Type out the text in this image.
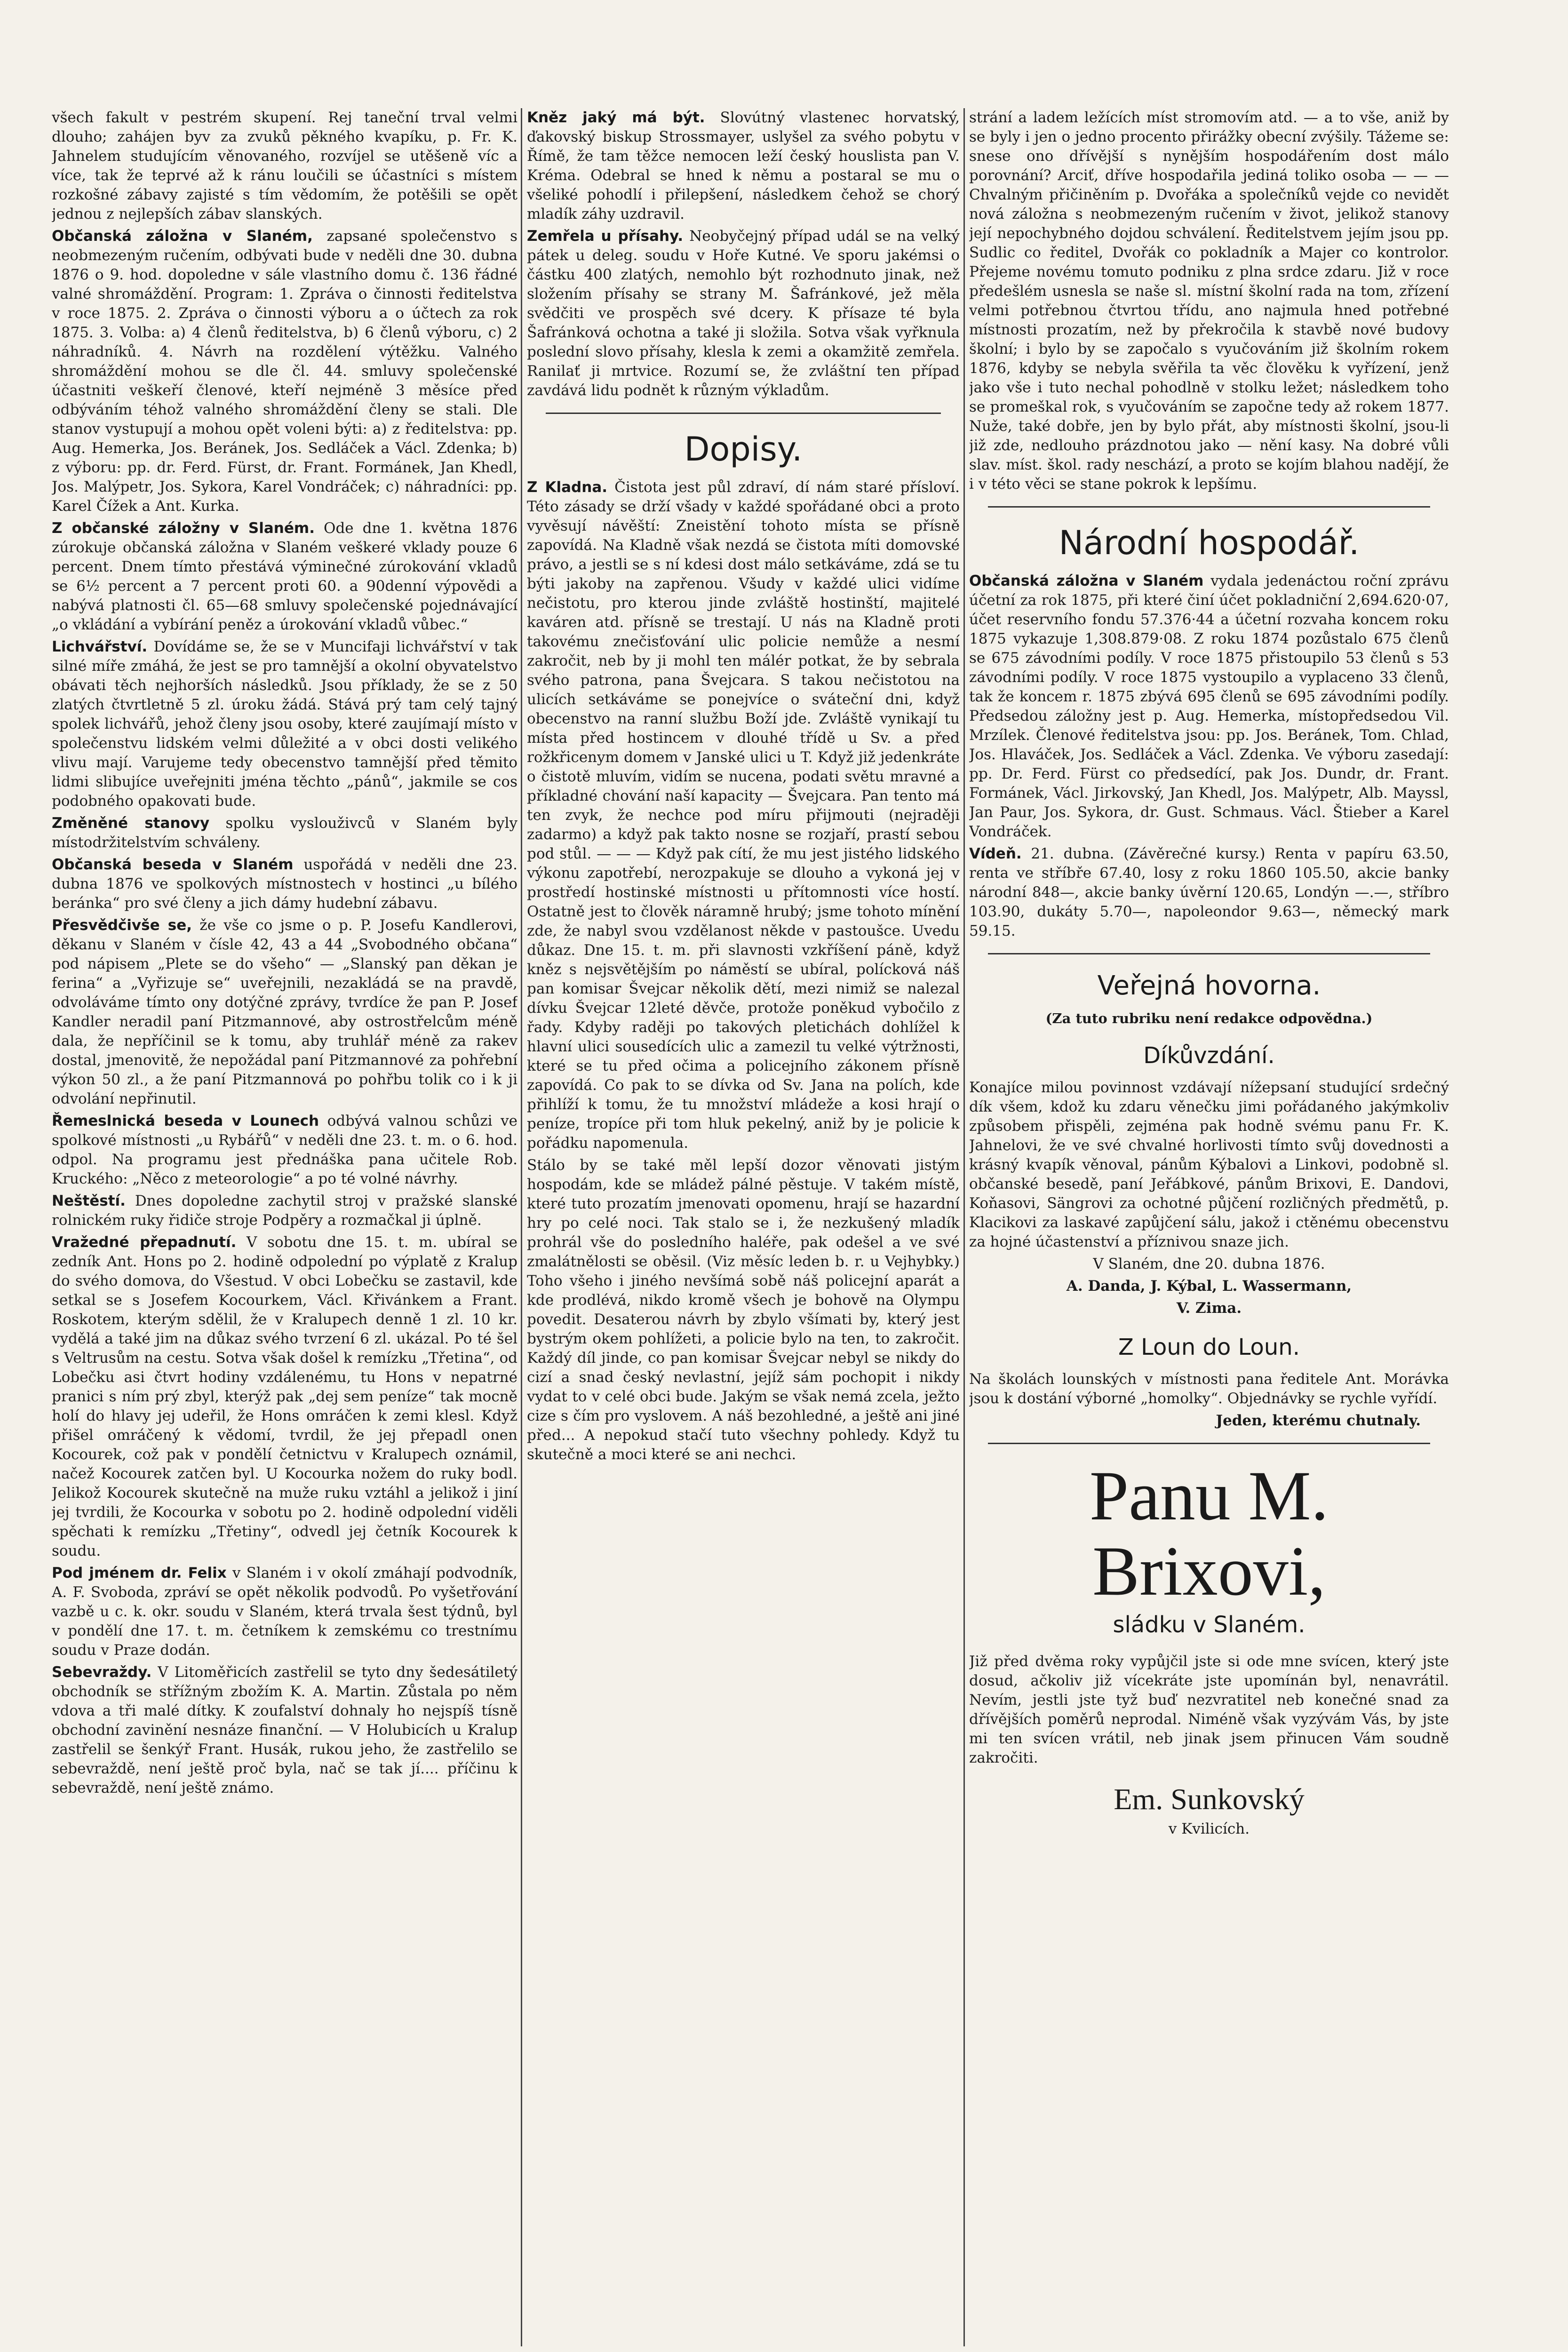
všech fakult v pestrém skupení. Rej taneční trval velmi dlouho; zahájen byv za zvuků pěkného kvapíku, p. Fr. K. Jahnelem studujícím věnovaného, rozvíjel se utěšeně víc a více, tak že teprvé až k ránu loučili se účastníci s místem rozkošné zábavy zajisté s tím vědomím, že potěšili se opět jednou z nejlepších zábav slanských.

Občanská záložna v Slaném, zapsané společenstvo s neobmezeným ručením, odbývati bude v neděli dne 30. dubna 1876 o 9. hod. dopoledne v sále vlastního domu č. 136 řádné valné shromáždění. Program: 1. Zpráva o činnosti ředitelstva v roce 1875. 2. Zpráva o činnosti výboru a o účtech za rok 1875. 3. Volba: a) 4 členů ředitelstva, b) 6 členů výboru, c) 2 náhradníků. 4. Návrh na rozdělení výtěžku. Valného shromáždění mohou se dle čl. 44. smluvy společenské účastniti veškeří členové, kteří nejméně 3 měsíce před odbýváním téhož valného shromáždění členy se stali. Dle stanov vystupují a mohou opět voleni býti: a) z ředitelstva: pp. Aug. Hemerka, Jos. Beránek, Jos. Sedláček a Václ. Zdenka; b) z výboru: pp. dr. Ferd. Fürst, dr. Frant. Formánek, Jan Khedl, Jos. Malýpetr, Jos. Sykora, Karel Vondráček; c) náhradníci: pp. Karel Čížek a Ant. Kurka.

Z občanské záložny v Slaném. Ode dne 1. května 1876 zúrokuje občanská záložna v Slaném veškeré vklady pouze 6 percent. Dnem tímto přestává výminečné zúrokování vkladů se 6½ percent a 7 percent proti 60. a 90denní výpovědi a nabývá platnosti čl. 65—68 smluvy společenské pojednávající „o vkládání a vybírání peněz a úrokování vkladů vůbec.“

Lichvářství. Dovídáme se, že se v Muncifaji lichvářství v tak silné míře zmáhá, že jest se pro tamnější a okolní obyvatelstvo obávati těch nejhorších následků. Jsou příklady, že se z 50 zlatých čtvrtletně 5 zl. úroku žádá. Stává prý tam celý tajný spolek lichvářů, jehož členy jsou osoby, které zaujímají místo v společenstvu lidském velmi důležité a v obci dosti velikého vlivu mají. Varujeme tedy obecenstvo tamnější před těmito lidmi slibujíce uveřejniti jména těchto „pánů“, jakmile se cos podobného opakovati bude.

Změněné stanovy spolku vyslouživců v Slaném byly místodržitelstvím schváleny.

Občanská beseda v Slaném uspořádá v neděli dne 23. dubna 1876 ve spolkových místnostech v hostinci „u bílého beránka“ pro své členy a jich dámy hudební zábavu.

Přesvědčivše se, že vše co jsme o p. P. Josefu Kandlerovi, děkanu v Slaném v čísle 42, 43 a 44 „Svobodného občana“ pod nápisem „Plete se do všeho“ — „Slanský pan děkan je ferina“ a „Vyřizuje se“ uveřejnili, nezakládá se na pravdě, odvoláváme tímto ony dotýčné zprávy, tvrdíce že pan P. Josef Kandler neradil paní Pitzmannové, aby ostrostřelcům méně dala, že nepříčinil se k tomu, aby truhlář méně za rakev dostal, jmenovitě, že nepožádal paní Pitzmannové za pohřební výkon 50 zl., a že paní Pitzmannová po pohřbu tolik co i k ji odvolání nepřinutil.

Řemeslnická beseda v Lounech odbývá valnou schůzi ve spolkové místnosti „u Rybářů“ v neděli dne 23. t. m. o 6. hod. odpol. Na programu jest přednáška pana učitele Rob. Kruckého: „Něco z meteorologie“ a po té volné návrhy.

Neštěstí. Dnes dopoledne zachytil stroj v pražské slanské rolnickém ruky řidiče stroje Podpěry a rozmačkal ji úplně.

Vražedné přepadnutí. V sobotu dne 15. t. m. ubíral se zedník Ant. Hons po 2. hodině odpolední po výplatě z Kralup do svého domova, do Všestud. V obci Lobečku se zastavil, kde setkal se s Josefem Kocourkem, Václ. Křivánkem a Frant. Roskotem, kterým sdělil, že v Kralupech denně 1 zl. 10 kr. vydělá a také jim na důkaz svého tvrzení 6 zl. ukázal. Po té šel s Veltrusům na cestu. Sotva však došel k remízku „Třetina“, od Lobečku asi čtvrt hodiny vzdálenému, tu Hons v nepatrné pranici s ním prý zbyl, kterýž pak „dej sem peníze“ tak mocně holí do hlavy jej udeřil, že Hons omráčen k zemi klesl. Když přišel omráčený k vědomí, tvrdil, že jej přepadl onen Kocourek, což pak v pondělí četnictvu v Kralupech oznámil, načež Kocourek zatčen byl. U Kocourka nožem do ruky bodl. Jelikož Kocourek skutečně na muže ruku vztáhl a jelikož i jiní jej tvrdili, že Kocourka v sobotu po 2. hodině odpolední viděli spěchati k remízku „Třetiny“, odvedl jej četník Kocourek k soudu.

Pod jménem dr. Felix v Slaném i v okolí zmáhají podvodník, A. F. Svoboda, zpráví se opět několik podvodů. Po vyšetřování vazbě u c. k. okr. soudu v Slaném, která trvala šest týdnů, byl v pondělí dne 17. t. m. četníkem k zemskému co trestnímu soudu v Praze dodán.

Sebevraždy. V Litoměřicích zastřelil se tyto dny šedesátiletý obchodník se střížným zbožím K. A. Martin. Zůstala po něm vdova a tři malé dítky. K zoufalství dohnaly ho nejspíš tísně obchodní zavinění nesnáze finanční. — V Holubicích u Kralup zastřelil se šenkýř Frant. Husák, rukou jeho, že zastřelilo se sebevraždě, není ještě proč byla, nač se tak jí.... příčinu k sebevraždě, není ještě známo.

Kněz jaký má být. Slovútný vlastenec horvatský, ďakovský biskup Strossmayer, uslyšel za svého pobytu v Římě, že tam těžce nemocen leží český houslista pan V. Kréma. Odebral se hned k němu a postaral se mu o všeliké pohodlí i přilepšení, následkem čehož se chorý mladík záhy uzdravil.

Zemřela u přísahy. Neobyčejný případ udál se na velký pátek u deleg. soudu v Hoře Kutné. Ve sporu jakémsi o částku 400 zlatých, nemohlo být rozhodnuto jinak, než složením přísahy se strany M. Šafránkové, jež měla svědčiti ve prospěch své dcery. K přísaze té byla Šafránková ochotna a také ji složila. Sotva však vyřknula poslední slovo přísahy, klesla k zemi a okamžitě zemřela. Ranilať ji mrtvice. Rozumí se, že zvláštní ten případ zavdává lidu podnět k různým výkladům.

Dopisy.

Z Kladna. Čistota jest půl zdraví, dí nám staré přísloví. Této zásady se drží všady v každé spořádané obci a proto vyvěsují návěští: Zneistění tohoto místa se přísně zapovídá. Na Kladně však nezdá se čistota míti domovské právo, a jestli se s ní kdesi dost málo setkáváme, zdá se tu býti jakoby na zapřenou. Všudy v každé ulici vidíme nečistotu, pro kterou jinde zvláště hostinští, majitelé kaváren atd. přísně se trestají. U nás na Kladně proti takovému znečisťování ulic policie nemůže a nesmí zakročit, neb by ji mohl ten málér potkat, že by sebrala svého patrona, pana Švejcara. S takou nečistotou na ulicích setkáváme se ponejvíce o sváteční dni, když obecenstvo na ranní službu Boží jde. Zvláště vynikají tu místa před hostincem v dlouhé třídě u Sv. a před rožkřicenym domem v Janské ulici u T. Když již jedenkráte o čistotě mluvím, vidím se nucena, podati světu mravné a příkladné chování naší kapacity — Švejcara. Pan tento má ten zvyk, že nechce pod míru přijmouti (nejraději zadarmo) a když pak takto nosne se rozjaří, prastí sebou pod stůl. — — — Když pak cítí, že mu jest jistého lidského výkonu zapotřebí, nerozpakuje se dlouho a vykoná jej v prostředí hostinské místnosti u přítomnosti více hostí. Ostatně jest to člověk náramně hrubý; jsme tohoto mínění zde, že nabyl svou vzdělanost někde v pastoušce. Uvedu důkaz. Dne 15. t. m. při slavnosti vzkříšení páně, když kněz s nejsvětějším po náměstí se ubíral, polícková náš pan komisar Švejcar několik dětí, mezi nimiž se nalezal dívku Švejcar 12leté děvče, protože poněkud vybočilo z řady. Kdyby raději po takových pletichách dohlížel k hlavní ulici sousedících ulic a zamezil tu velké výtržnosti, které se tu před očima a policejního zákonem přísně zapovídá. Co pak to se dívka od Sv. Jana na polích, kde přihlíží k tomu, že tu množství mládeže a kosi hrají o peníze, tropíce při tom hluk pekelný, aniž by je policie k pořádku napomenula.

Stálo by se také měl lepší dozor věnovati jistým hospodám, kde se mládež pálné pěstuje. V takém místě, které tuto prozatím jmenovati opomenu, hrají se hazardní hry po celé noci. Tak stalo se i, že nezkušený mladík prohrál vše do posledního haléře, pak odešel a ve své zmalátnělosti se oběsil. (Viz měsíc leden b. r. u Vejhybky.) Toho všeho i jiného nevšímá sobě náš policejní aparát a kde prodlévá, nikdo kromě všech je bohově na Olympu povedit. Desaterou návrh by zbylo všímati by, který jest bystrým okem pohlížeti, a policie bylo na ten, to zakročit. Každý díl jinde, co pan komisar Švejcar nebyl se nikdy do cizí a snad český nevlastní, jejíž sám pochopit i nikdy vydat to v celé obci bude. Jakým se však nemá zcela, ježto cize s čím pro vyslovem. A náš bezohledné, a ještě ani jiné před... A nepokud stačí tuto všechny pohledy. Když tu skutečně a moci které se ani nechci.

strání a ladem ležících míst stromovím atd. — a to vše, aniž by se byly i jen o jedno procento přirážky obecní zvýšily. Tážeme se: snese ono dřívější s nynějším hospodářením dost málo porovnání? Arciť, dříve hospodařila jediná toliko osoba — — — Chvalným přičiněním p. Dvořáka a společníků vejde co nevidět nová záložna s neobmezeným ručením v život, jelikož stanovy její nepochybného dojdou schválení. Ředitelstvem jejím jsou pp. Sudlic co ředitel, Dvořák co pokladník a Majer co kontrolor. Přejeme novému tomuto podniku z plna srdce zdaru. Již v roce předešlém usnesla se naše sl. místní školní rada na tom, zřízení velmi potřebnou čtvrtou třídu, ano najmula hned potřebné místnosti prozatím, než by překročila k stavbě nové budovy školní; i bylo by se započalo s vyučováním již školním rokem 1876, kdyby se nebyla svěřila ta věc člověku k vyřízení, jenž jako vše i tuto nechal pohodlně v stolku ležet; následkem toho se promeškal rok, s vyučováním se započne tedy až rokem 1877. Nuže, také dobře, jen by bylo přát, aby místnosti školní, jsou-li již zde, nedlouho prázdnotou jako — nění kasy. Na dobré vůli slav. míst. škol. rady neschází, a proto se kojím blahou nadějí, že i v této věci se stane pokrok k lepšímu.

Národní hospodář.

Občanská záložna v Slaném vydala jedenáctou roční zprávu účetní za rok 1875, při které činí účet pokladniční 2,694.620·07, účet reservního fondu 57.376·44 a účetní rozvaha koncem roku 1875 vykazuje 1,308.879·08. Z roku 1874 pozůstalo 675 členů se 675 závodními podíly. V roce 1875 přistoupilo 53 členů s 53 závodními podíly. V roce 1875 vystoupilo a vyplaceno 33 členů, tak že koncem r. 1875 zbývá 695 členů se 695 závodními podíly. Předsedou záložny jest p. Aug. Hemerka, místopředsedou Vil. Mrzílek. Členové ředitelstva jsou: pp. Jos. Beránek, Tom. Chlad, Jos. Hlaváček, Jos. Sedláček a Václ. Zdenka. Ve výboru zasedají: pp. Dr. Ferd. Fürst co předsedící, pak Jos. Dundr, dr. Frant. Formánek, Václ. Jirkovský, Jan Khedl, Jos. Malýpetr, Alb. Mayssl, Jan Paur, Jos. Sykora, dr. Gust. Schmaus. Václ. Štieber a Karel Vondráček.

Vídeň. 21. dubna. (Závěrečné kursy.) Renta v papíru 63.50, renta ve stříbře 67.40, losy z roku 1860 105.50, akcie banky národní 848—, akcie banky úvěrní 120.65, Londýn —.—, stříbro 103.90, dukáty 5.70—, napoleondor 9.63—, německý mark 59.15.

Veřejná hovorna.
(Za tuto rubriku není redakce odpovědna.)
Díkůvzdání.

Konajíce milou povinnost vzdávají nížepsaní studující srdečný dík všem, kdož ku zdaru věnečku jimi pořádaného jakýmkoliv způsobem přispěli, zejména pak hodně svému panu Fr. K. Jahnelovi, že ve své chvalné horlivosti tímto svůj dovednosti a krásný kvapík věnoval, pánům Kýbalovi a Linkovi, podobně sl. občanské besedě, paní Jeřábkové, pánům Brixovi, E. Dandovi, Koňasovi, Sängrovi za ochotné půjčení rozličných předmětů, p. Klacikovi za laskavé zapůjčení sálu, jakož i ctěnému obecenstvu za hojné účastenství a příznivou snaze jich.

V Slaném, dne 20. dubna 1876.

A. Danda, J. Kýbal, L. Wassermann,

V. Zima.

Z Loun do Loun.

Na školách lounských v místnosti pana ředitele Ant. Morávka jsou k dostání výborné „homolky“. Objednávky se rychle vyřídí.

Jeden, kterému chutnaly.

Panu M. Brixovi,
sládku v Slaném.

Již před dvěma roky vypůjčil jste si ode mne svícen, který jste dosud, ačkoliv již vícekráte jste upomínán byl, nenavrátil. Nevím, jestli jste tyž buď nezvratitel neb konečné snad za dřívějších poměrů neprodal. Niméně však vyzývám Vás, by jste mi ten svícen vrátil, neb jinak jsem přinucen Vám soudně zakročiti.

Em. Sunkovský

v Kvilicích.
